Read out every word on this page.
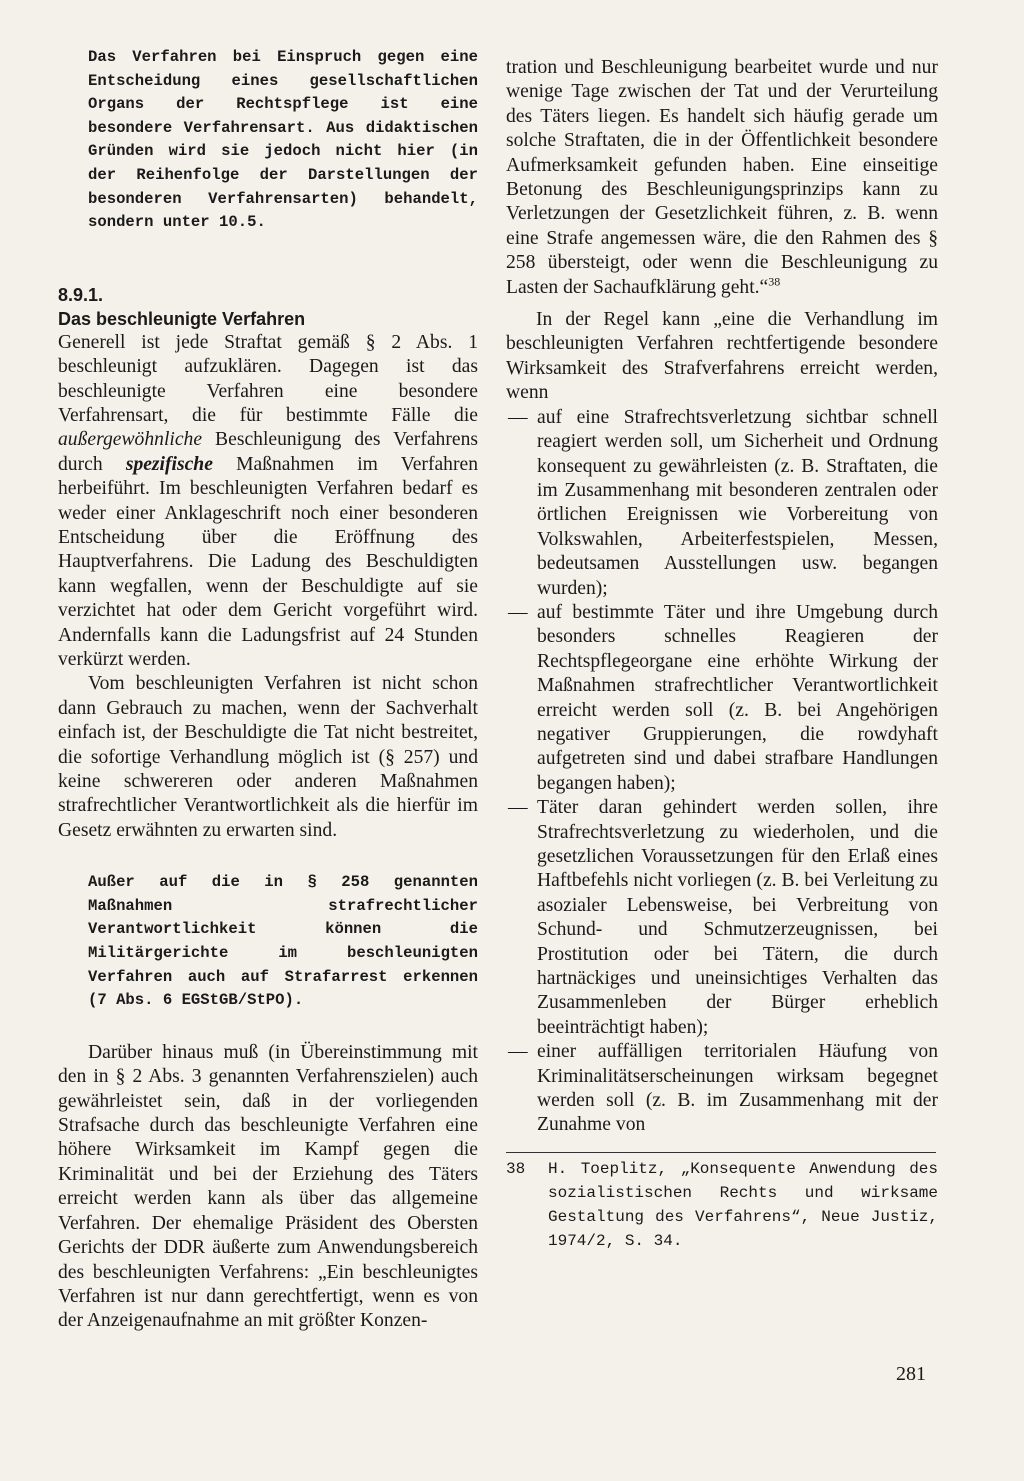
Das Verfahren bei Einspruch gegen eine Entscheidung eines gesellschaftlichen Organs der Rechtspflege ist eine besondere Verfahrensart. Aus didaktischen Gründen wird sie jedoch nicht hier (in der Reihenfolge der Darstellungen der besonderen Verfahrensarten) behandelt, sondern unter 10.5.

8.9.1.

Das beschleunigte Verfahren

Generell ist jede Straftat gemäß § 2 Abs. 1 beschleunigt aufzuklären. Dagegen ist das beschleunigte Verfahren eine besondere Verfahrensart, die für bestimmte Fälle die außergewöhnliche Beschleunigung des Verfahrens durch spezifische Maßnahmen im Verfahren herbeiführt. Im beschleunigten Verfahren bedarf es weder einer Anklageschrift noch einer besonderen Entscheidung über die Eröffnung des Hauptverfahrens. Die Ladung des Beschuldigten kann wegfallen, wenn der Beschuldigte auf sie verzichtet hat oder dem Gericht vorgeführt wird. Andernfalls kann die Ladungsfrist auf 24 Stunden verkürzt werden.

Vom beschleunigten Verfahren ist nicht schon dann Gebrauch zu machen, wenn der Sachverhalt einfach ist, der Beschuldigte die Tat nicht bestreitet, die sofortige Verhandlung möglich ist (§ 257) und keine schwereren oder anderen Maßnahmen strafrechtlicher Verantwortlichkeit als die hierfür im Gesetz erwähnten zu erwarten sind.

Außer auf die in § 258 genannten Maßnahmen strafrechtlicher Verantwortlichkeit können die Militärgerichte im beschleunigten Verfahren auch auf Strafarrest erkennen (7 Abs. 6 EGStGB/StPO).

Darüber hinaus muß (in Übereinstimmung mit den in § 2 Abs. 3 genannten Verfahrenszielen) auch gewährleistet sein, daß in der vorliegenden Strafsache durch das beschleunigte Verfahren eine höhere Wirksamkeit im Kampf gegen die Kriminalität und bei der Erziehung des Täters erreicht werden kann als über das allgemeine Verfahren. Der ehemalige Präsident des Obersten Gerichts der DDR äußerte zum Anwendungsbereich des beschleunigten Verfahrens: „Ein beschleunigtes Verfahren ist nur dann gerechtfertigt, wenn es von der Anzeigenaufnahme an mit größter Konzen-

tration und Beschleunigung bearbeitet wurde und nur wenige Tage zwischen der Tat und der Verurteilung des Täters liegen. Es handelt sich häufig gerade um solche Straftaten, die in der Öffentlichkeit besondere Aufmerksamkeit gefunden haben. Eine einseitige Betonung des Beschleunigungsprinzips kann zu Verletzungen der Gesetzlichkeit führen, z. B. wenn eine Strafe angemessen wäre, die den Rahmen des § 258 übersteigt, oder wenn die Beschleunigung zu Lasten der Sachaufklärung geht.“$^{38}$

In der Regel kann „eine die Verhandlung im beschleunigten Verfahren rechtfertigende besondere Wirksamkeit des Strafverfahrens erreicht werden, wenn

— auf eine Strafrechtsverletzung sichtbar schnell reagiert werden soll, um Sicherheit und Ordnung konsequent zu gewährleisten (z. B. Straftaten, die im Zusammenhang mit besonderen zentralen oder örtlichen Ereignissen wie Vorbereitung von Volkswahlen, Arbeiterfestspielen, Messen, bedeutsamen Ausstellungen usw. begangen wurden);
— auf bestimmte Täter und ihre Umgebung durch besonders schnelles Reagieren der Rechtspflegeorgane eine erhöhte Wirkung der Maßnahmen strafrechtlicher Verantwortlichkeit erreicht werden soll (z. B. bei Angehörigen negativer Gruppierungen, die rowdyhaft aufgetreten sind und dabei strafbare Handlungen begangen haben);
— Täter daran gehindert werden sollen, ihre Strafrechtsverletzung zu wiederholen, und die gesetzlichen Voraussetzungen für den Erlaß eines Haftbefehls nicht vorliegen (z. B. bei Verleitung zu asozialer Lebensweise, bei Verbreitung von Schund- und Schmutzerzeugnissen, bei Prostitution oder bei Tätern, die durch hartnäckiges und uneinsichtiges Verhalten das Zusammenleben der Bürger erheblich beeinträchtigt haben);
— einer auffälligen territorialen Häufung von Kriminalitätserscheinungen wirksam begegnet werden soll (z. B. im Zusammenhang mit der Zunahme von

38 H. Toeplitz, „Konsequente Anwendung des sozialistischen Rechts und wirksame Gestaltung des Verfahrens“, Neue Justiz, 1974/2, S. 34.

281
